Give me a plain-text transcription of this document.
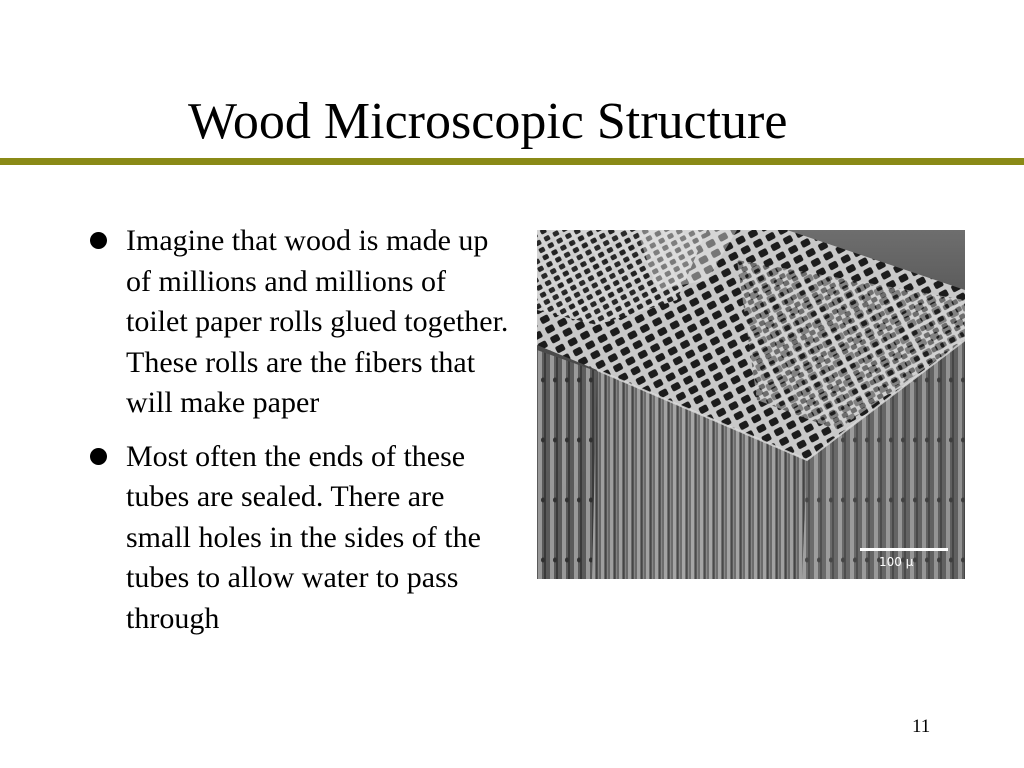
Wood Microscopic Structure
Imagine that wood is made up of millions and millions of toilet paper rolls glued together. These rolls are the fibers that will make paper
Most often the ends of these tubes are sealed. There are small holes in the sides of the tubes to allow water to pass through
100 µ
11
